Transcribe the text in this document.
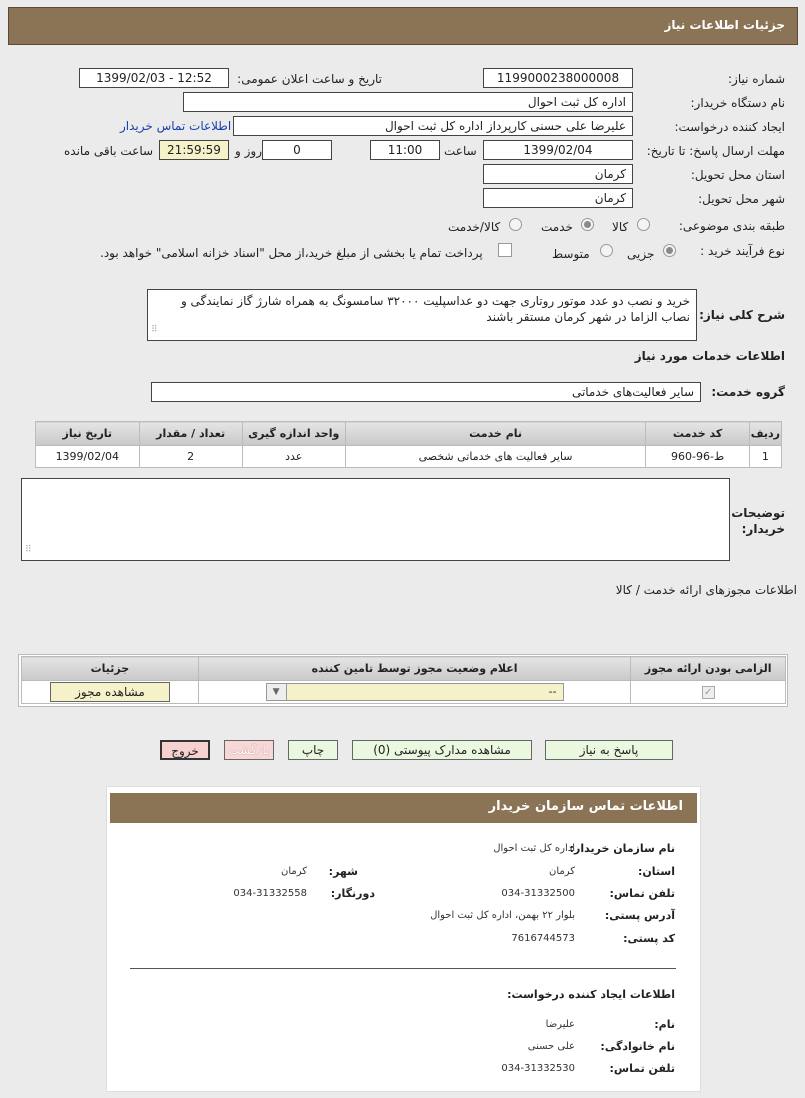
جزئیات اطلاعات نیاز
شماره نیاز:
1199000238000008
تاریخ و ساعت اعلان عمومی:
1399/02/03 - 12:52
نام دستگاه خریدار:
اداره کل ثبت احوال
ایجاد کننده درخواست:
علیرضا علی حسنی کارپرداز اداره کل ثبت احوال
اطلاعات تماس خریدار
مهلت ارسال پاسخ: تا تاریخ:
1399/02/04
ساعت
11:00
0
روز و
21:59:59
ساعت باقی مانده
استان محل تحویل:
کرمان
شهر محل تحویل:
کرمان
طبقه بندی موضوعی:
کالا
خدمت
کالا/خدمت
نوع فرآیند خرید :
جزیی
متوسط
پرداخت تمام یا بخشی از مبلغ خرید،از محل "اسناد خزانه اسلامی" خواهد بود.
شرح کلی نیاز:
خرید و نصب دو عدد موتور روتاری جهت دو عداسپلیت ۳۲۰۰۰ سامسونگ به همراه شارژ گاز نمایندگی و نصاب الزاما در شهر کرمان مستقر باشند
⠿
اطلاعات خدمات مورد نیاز
گروه خدمت:
سایر فعالیت‌های خدماتی
ردیف	کد خدمت	نام خدمت	واحد اندازه گیری	تعداد / مقدار	تاریخ نیاز
1	ط-96-960	سایر فعالیت های خدماتی شخصی	عدد	2	1399/02/04
توضیحات خریدار:
⠿
اطلاعات مجوزهای ارائه خدمت / کالا
الزامی بودن ارائه مجوز	اعلام وضعیت مجوز توسط تامین کننده	جزئیات
✓	▼ --	مشاهده مجوز
پاسخ به نیاز
مشاهده مدارک پیوستی (0)
چاپ
بازگشت
خروج
اطلاعات تماس سازمان خریدار
نام سازمان خریدار:
اداره کل ثبت احوال
استان:
کرمان
شهر:
کرمان
تلفن تماس:
034-31332500
دورنگار:
034-31332558
آدرس پستی:
بلوار ۲۲ بهمن، اداره کل ثبت احوال
کد پستی:
7616744573
اطلاعات ایجاد کننده درخواست:
نام:
علیرضا
نام خانوادگی:
علی حسنی
تلفن تماس:
034-31332530
